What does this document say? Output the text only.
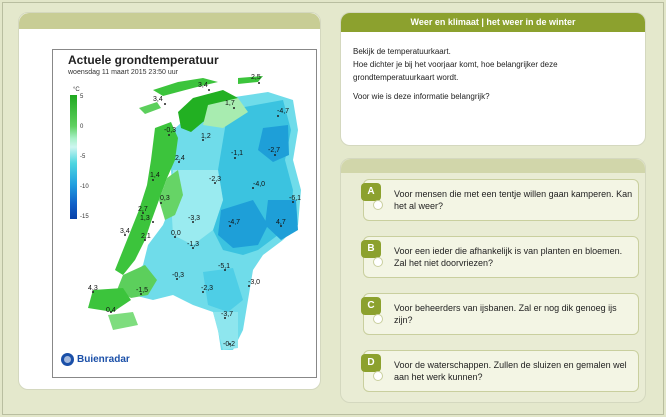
3,4
2,5
1,7
-4,7
3,4
-0,3
1,2
-1,1	-2,7
2,4
1,4
-2,3
-4,0
0,3	-6,1
2,7
1,3	-3,3
-4,7	4,7
3,4
2,1	0,0
-1,3
-0,3
-5,1
-2,3
-3,0
4,3	-1,5
0,4
-3,7
-0,2
Actuele grondtemperatuur
woensdag 11 maart 2015 23:50 uur
°C
5
0
-5
-10
-15
Buienradar
Weer en klimaat | het weer in de winter

Bekijk de temperatuurkaart.

Hoe dichter je bij het voorjaar komt, hoe belangrijker deze grondtemperatuurkaart wordt.

Voor wie is deze informatie belangrijk?

A	Voor mensen die met een tentje willen gaan kamperen. Kan het al weer?
B	Voor een ieder die afhankelijk is van planten en bloemen. Zal het niet doorvriezen?
C	Voor beheerders van ijsbanen. Zal er nog dik genoeg ijs zijn?
D	Voor de waterschappen. Zullen de sluizen en gemalen wel aan het werk kunnen?
